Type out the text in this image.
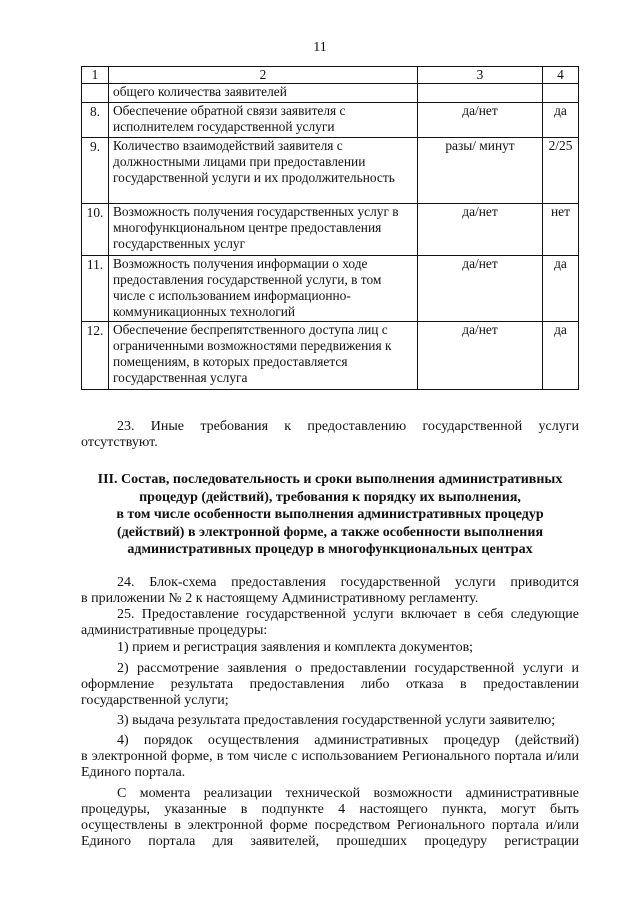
11
1	2	3	4
	общего количества заявителей		
8.	Обеспечение обратной связи заявителя с исполнителем государственной услуги	да/нет	да
9.	Количество взаимодействий заявителя с должностными лицами при предоставлении государственной услуги и их продолжительность	разы/ минут	2/25
10.	Возможность получения государственных услуг в многофункциональном центре предоставления государственных услуг	да/нет	нет
11.	Возможность получения информации о ходе предоставления государственной услуги, в том числе с использованием информационно-коммуникационных технологий	да/нет	да
12.	Обеспечение беспрепятственного доступа лиц с ограниченными возможностями передвижения к помещениям, в которых предоставляется государственная услуга	да/нет	да
23. Иные требования к предоставлению государственной услуги
отсутствуют.
III. Состав, последовательность и сроки выполнения административных
процедур (действий), требования к порядку их выполнения,
в том числе особенности выполнения административных процедур
(действий) в электронной форме, а также особенности выполнения
административных процедур в многофункциональных центрах
24. Блок-схема предоставления государственной услуги приводится
в приложении № 2 к настоящему Административному регламенту.
25. Предоставление государственной услуги включает в себя следующие
административные процедуры:
1) прием и регистрация заявления и комплекта документов;
2) рассмотрение заявления о предоставлении государственной услуги и
оформление результата предоставления либо отказа в предоставлении
государственной услуги;
3) выдача результата предоставления государственной услуги заявителю;
4) порядок осуществления административных процедур (действий)
в электронной форме, в том числе с использованием Регионального портала и/или
Единого портала.
С момента реализации технической возможности административные
процедуры, указанные в подпункте 4 настоящего пункта, могут быть
осуществлены в электронной форме посредством Регионального портала и/или
Единого портала для заявителей, прошедших процедуру регистрации
